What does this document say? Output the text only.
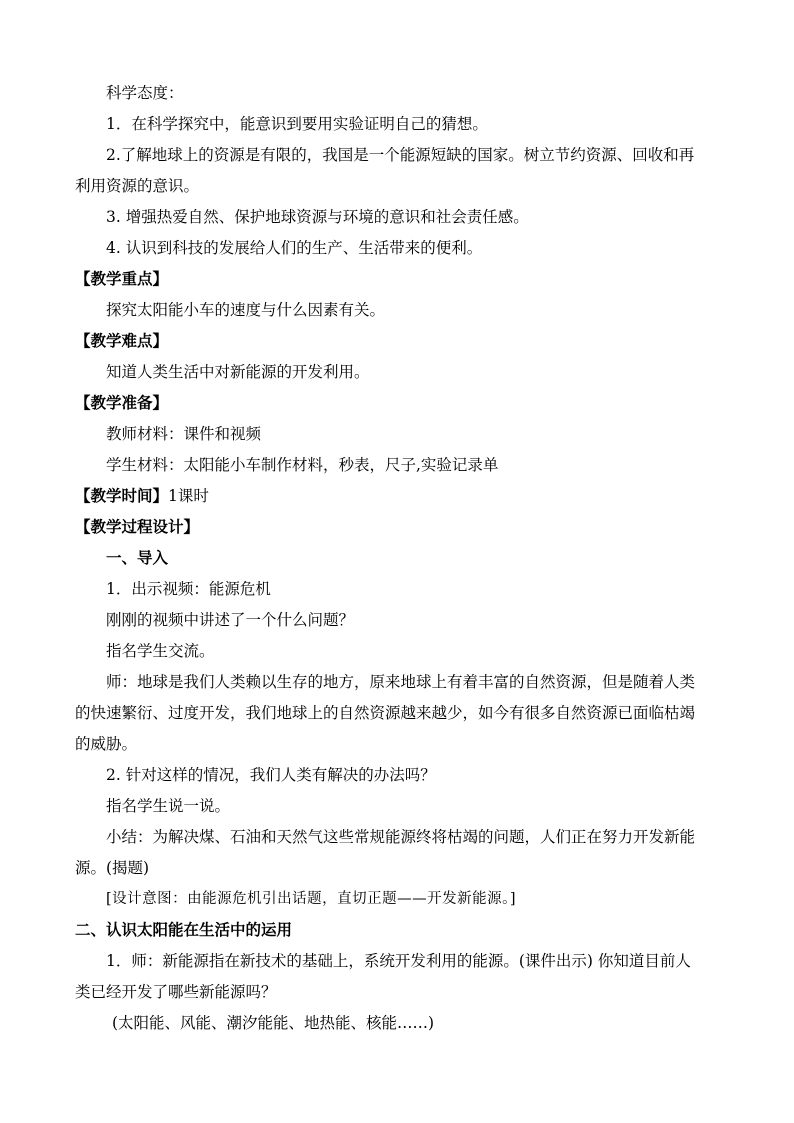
科学态度：
1．在科学探究中，能意识到要用实验证明自己的猜想。
2.了解地球上的资源是有限的，我国是一个能源短缺的国家。树立节约资源、回收和再
利用资源的意识。
3. 增强热爱自然、保护地球资源与环境的意识和社会责任感。
4. 认识到科技的发展给人们的生产、生活带来的便利。
【教学重点】
探究太阳能小车的速度与什么因素有关。
【教学难点】
知道人类生活中对新能源的开发利用。
【教学准备】
教师材料：课件和视频
学生材料：太阳能小车制作材料，秒表，尺子,实验记录单
【教学时间】1课时
【教学过程设计】
一、导入
1．出示视频：能源危机
刚刚的视频中讲述了一个什么问题？
指名学生交流。
师：地球是我们人类赖以生存的地方，原来地球上有着丰富的自然资源，但是随着人类
的快速繁衍、过度开发，我们地球上的自然资源越来越少，如今有很多自然资源已面临枯竭
的威胁。
2. 针对这样的情况，我们人类有解决的办法吗？
指名学生说一说。
小结：为解决煤、石油和天然气这些常规能源终将枯竭的问题，人们正在努力开发新能
源。(揭题)
[设计意图：由能源危机引出话题，直切正题——开发新能源。]
二、认识太阳能在生活中的运用
1．师：新能源指在新技术的基础上，系统开发利用的能源。(课件出示) 你知道目前人
类已经开发了哪些新能源吗？
(太阳能、风能、潮汐能能、地热能、核能……)
